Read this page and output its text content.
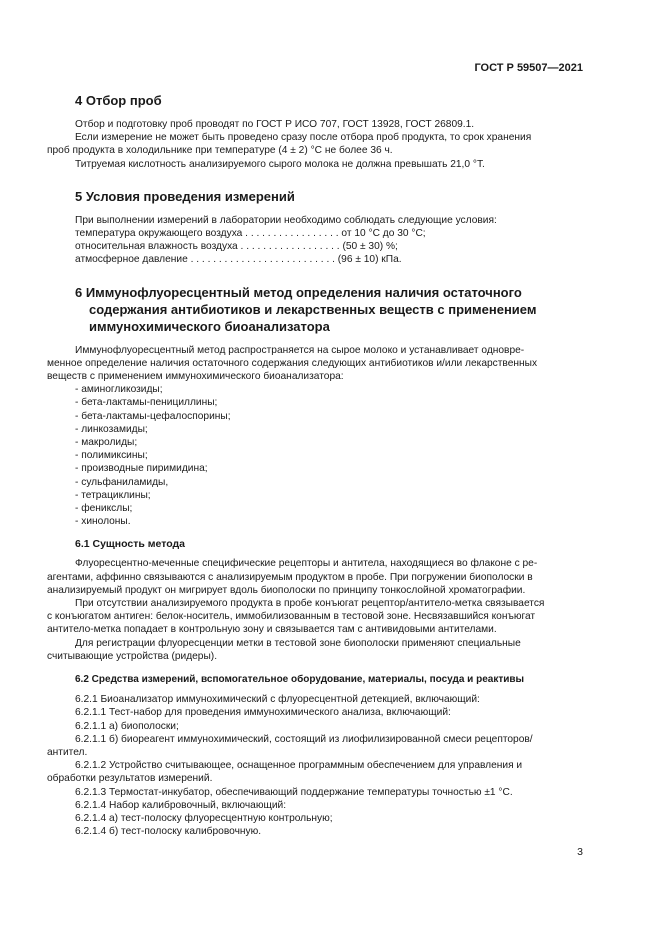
ГОСТ Р 59507—2021
4 Отбор проб

Отбор и подготовку проб проводят по ГОСТ Р ИСО 707, ГОСТ 13928, ГОСТ 26809.1.

Если измерение не может быть проведено сразу после отбора проб продукта, то срок хранения

проб продукта в холодильнике при температуре (4 ± 2) °С не более 36 ч.

Титруемая кислотность анализируемого сырого молока не должна превышать 21,0 °Т.

5 Условия проведения измерений

При выполнении измерений в лаборатории необходимо соблюдать следующие условия:

температура окружающего воздуха . . . . . . . . . . . . . . . . . от 10 °С до 30 °С;

относительная влажность воздуха . . . . . . . . . . . . . . . . . . (50 ± 30) %;

атмосферное давление . . . . . . . . . . . . . . . . . . . . . . . . . . (96 ± 10) кПа.

6 Иммунофлуоресцентный метод определения наличия остаточного
содержания антибиотиков и лекарственных веществ с применением
иммунохимического биоанализатора

Иммунофлуоресцентный метод распространяется на сырое молоко и устанавливает одновре-

менное определение наличия остаточного содержания следующих антибиотиков и/или лекарственных

веществ с применением иммунохимического биоанализатора:

- аминогликозиды;

- бета-лактамы-пенициллины;

- бета-лактамы-цефалоспорины;

- линкозамиды;

- макролиды;

- полимиксины;

- производные пиримидина;

- сульфаниламиды,

- тетрациклины;

- феникслы;

- хинолоны.

6.1 Сущность метода

Флуоресцентно-меченные специфические рецепторы и антитела, находящиеся во флаконе с ре-

агентами, аффинно связываются с анализируемым продуктом в пробе. При погружении биополоски в

анализируемый продукт он мигрирует вдоль биополоски по принципу тонкослойной хроматографии.

При отсутствии анализируемого продукта в пробе конъюгат рецептор/антитело-метка связывается

с конъюгатом антиген: белок-носитель, иммобилизованным в тестовой зоне. Несвязавшийся конъюгат

антитело-метка попадает в контрольную зону и связывается там с антивидовыми антителами.

Для регистрации флуоресценции метки в тестовой зоне биополоски применяют специальные

считывающие устройства (ридеры).

6.2 Средства измерений, вспомогательное оборудование, материалы, посуда и реактивы

6.2.1 Биоанализатор иммунохимический с флуоресцентной детекцией, включающий:

6.2.1.1 Тест-набор для проведения иммунохимического анализа, включающий:

6.2.1.1 а) биополоски;

6.2.1.1 б) биореагент иммунохимический, состоящий из лиофилизированной смеси рецепторов/

антител.

6.2.1.2 Устройство считывающее, оснащенное программным обеспечением для управления и

обработки результатов измерений.

6.2.1.3 Термостат-инкубатор, обеспечивающий поддержание температуры точностью ±1 °С.

6.2.1.4 Набор калибровочный, включающий:

6.2.1.4 а) тест-полоску флуоресцентную контрольную;

6.2.1.4 б) тест-полоску калибровочную.

3
